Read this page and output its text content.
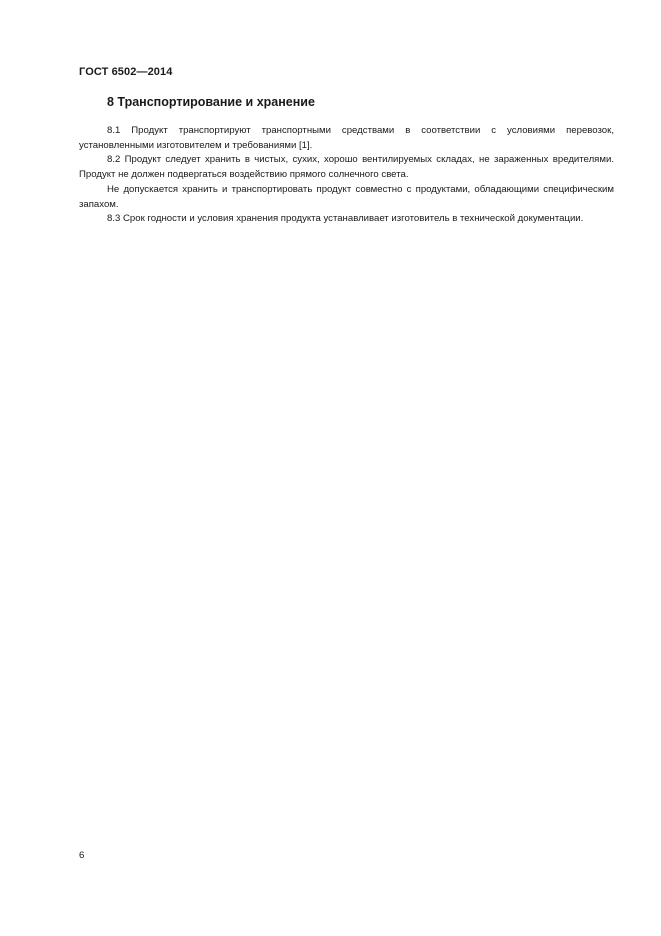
ГОСТ 6502—2014
8 Транспортирование и хранение

8.1 Продукт транспортируют транспортными средствами в соответствии с условиями перевозок, установленными изготовителем и требованиями [1].

8.2 Продукт следует хранить в чистых, сухих, хорошо вентилируемых складах, не зараженных вредителями. Продукт не должен подвергаться воздействию прямого солнечного света.

Не допускается хранить и транспортировать продукт совместно с продуктами, обладающими специфическим запахом.

8.3 Срок годности и условия хранения продукта устанавливает изготовитель в технической документации.

6
